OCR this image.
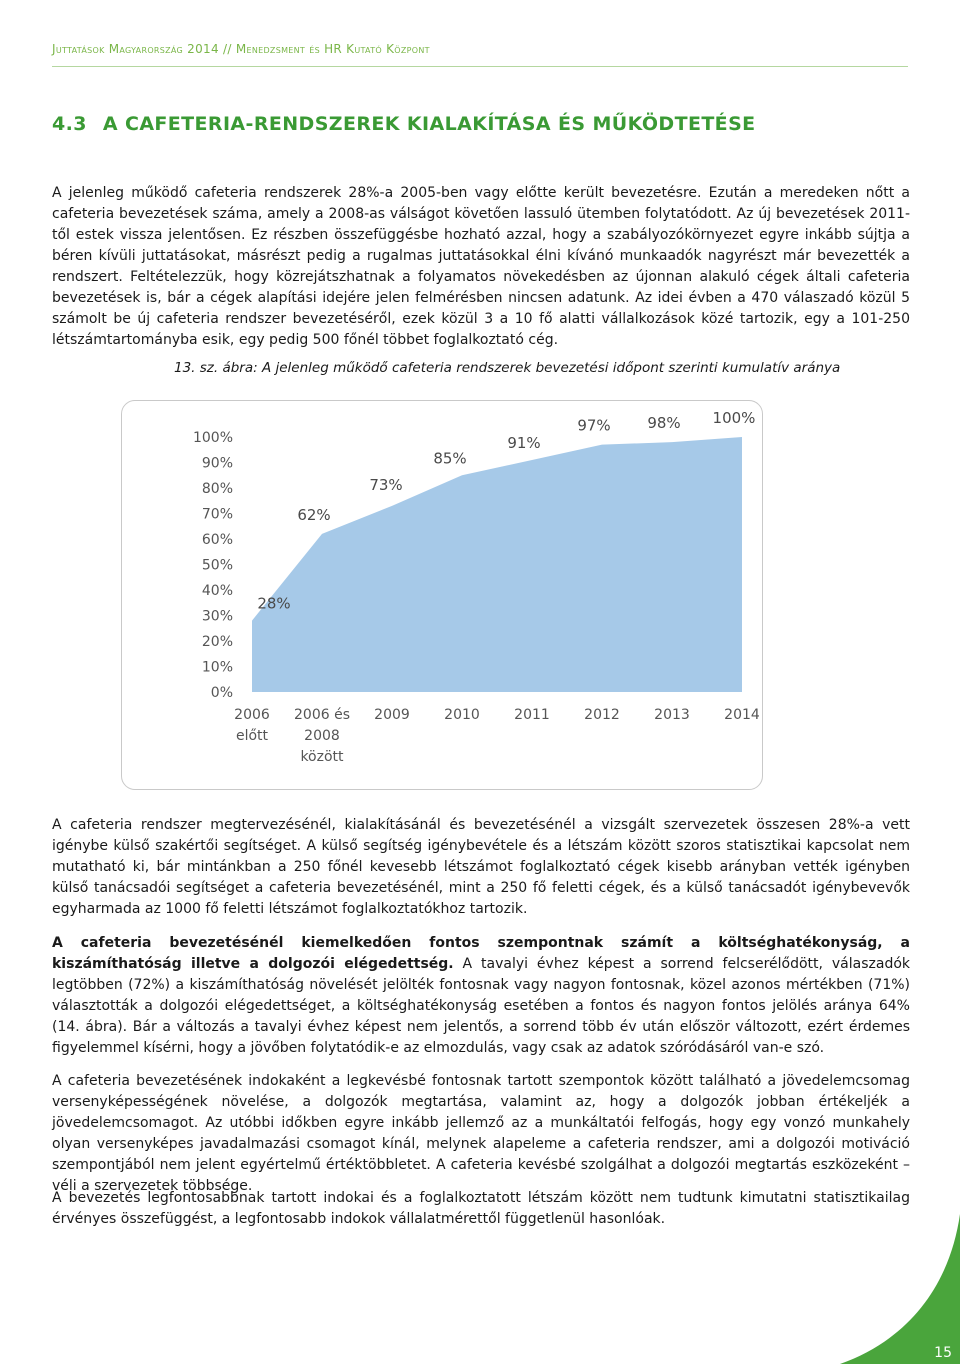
Juttatások Magyarország 2014 // Menedzsment és HR Kutató Központ
4.3 A CAFETERIA-RENDSZEREK KIALAKÍTÁSA ÉS MŰKÖDTETÉSE

A jelenleg működő cafeteria rendszerek 28%-a 2005-ben vagy előtte került bevezetésre. Ezután a meredeken nőtt a cafeteria bevezetések száma, amely a 2008-as válságot követően lassuló ütemben folytatódott. Az új bevezetések 2011-től estek vissza jelentősen. Ez részben összefüggésbe hozható azzal, hogy a szabályozókörnyezet egyre inkább sújtja a béren kívüli juttatásokat, másrészt pedig a rugalmas juttatásokkal élni kívánó munkaadók nagyrészt már bevezették a rendszert. Feltételezzük, hogy közrejátszhatnak a folyamatos növekedésben az újonnan alakuló cégek általi cafeteria bevezetések is, bár a cégek alapítási idejére jelen felmérésben nincsen adatunk. Az idei évben a 470 válaszadó közül 5 számolt be új cafeteria rendszer bevezetéséről, ezek közül 3 a 10 fő alatti vállalkozások közé tartozik, egy a 101-250 létszámtartományba esik, egy pedig 500 főnél többet foglalkoztató cég.

13. sz. ábra: A jelenleg működő cafeteria rendszerek bevezetési időpont szerinti kumulatív aránya
0%
10%
20%
30%
40%
50%
60%
70%
80%
90%
100%
2006
előtt
2006 és
2008
között
2009 2010 2011 2012 2013 2014
28%
62%
73%
85%
91%
97% 98% 100%

A cafeteria rendszer megtervezésénél, kialakításánál és bevezetésénél a vizsgált szervezetek összesen 28%-a vett igénybe külső szakértői segítséget. A külső segítség igénybevétele és a létszám között szoros statisztikai kapcsolat nem mutatható ki, bár mintánkban a 250 főnél kevesebb létszámot foglalkoztató cégek kisebb arányban vették igényben külső tanácsadói segítséget a cafeteria bevezetésénél, mint a 250 fő feletti cégek, és a külső tanácsadót igénybevevők egyharmada az 1000 fő feletti létszámot foglalkoztatókhoz tartozik.

A cafeteria bevezetésénél kiemelkedően fontos szempontnak számít a költséghatékonyság, a kiszámíthatóság illetve a dolgozói elégedettség. A tavalyi évhez képest a sorrend felcserélődött, válaszadók legtöbben (72%) a kiszámíthatóság növelését jelölték fontosnak vagy nagyon fontosnak, közel azonos mértékben (71%) választották a dolgozói elégedettséget, a költséghatékonyság esetében a fontos és nagyon fontos jelölés aránya 64% (14. ábra). Bár a változás a tavalyi évhez képest nem jelentős, a sorrend több év után először változott, ezért érdemes figyelemmel kísérni, hogy a jövőben folytatódik-e az elmozdulás, vagy csak az adatok szóródásáról van-e szó.

A cafeteria bevezetésének indokaként a legkevésbé fontosnak tartott szempontok között található a jövedelemcsomag versenyképességének növelése, a dolgozók megtartása, valamint az, hogy a dolgozók jobban értékeljék a jövedelemcsomagot. Az utóbbi időkben egyre inkább jellemző az a munkáltatói felfogás, hogy egy vonzó munkahely olyan versenyképes javadalmazási csomagot kínál, melynek alapeleme a cafeteria rendszer, ami a dolgozói motiváció szempontjából nem jelent egyértelmű értéktöbbletet. A cafeteria kevésbé szolgálhat a dolgozói megtartás eszközeként – véli a szervezetek többsége.

A bevezetés legfontosabbnak tartott indokai és a foglalkoztatott létszám között nem tudtunk kimutatni statisztikailag érvényes összefüggést, a legfontosabb indokok vállalatmérettől függetlenül hasonlóak.

15
